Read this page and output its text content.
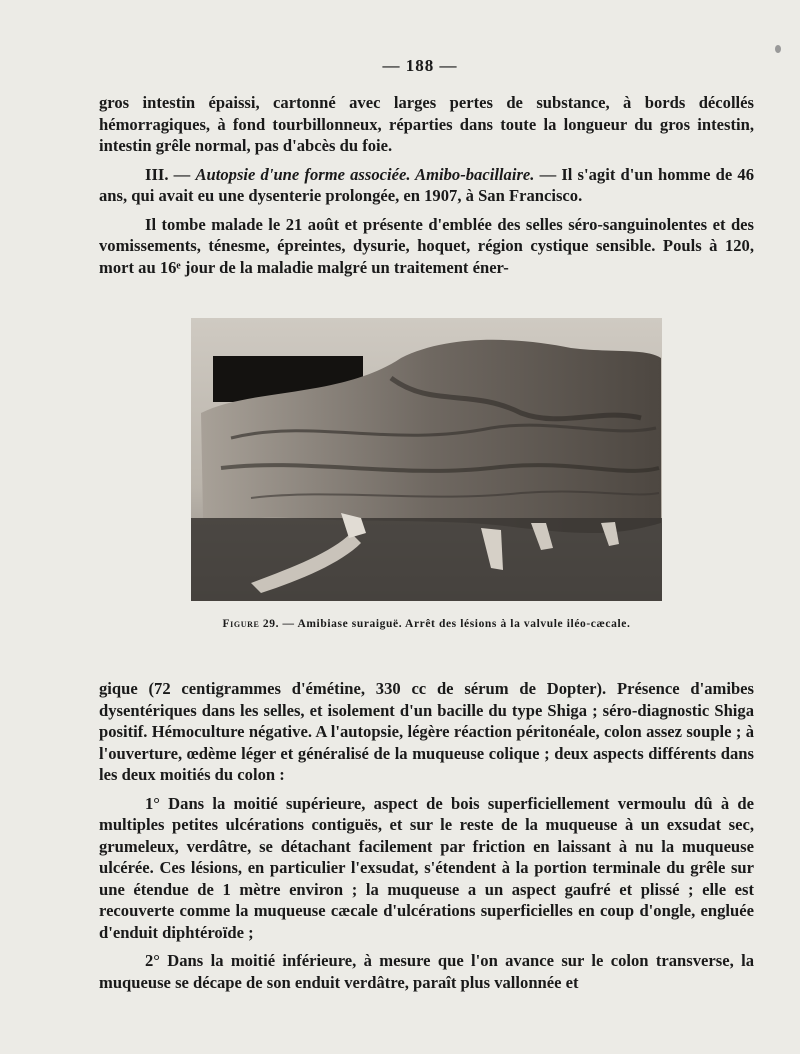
— 188 —

gros intestin épaissi, cartonné avec larges pertes de substance, à bords décollés hémorragiques, à fond tourbillonneux, réparties dans toute la longueur du gros intestin, intestin grêle normal, pas d'abcès du foie.

III. — Autopsie d'une forme associée. Amibo-bacillaire. — Il s'agit d'un homme de 46 ans, qui avait eu une dysenterie prolongée, en 1907, à San Francisco.

Il tombe malade le 21 août et présente d'emblée des selles séro-sanguinolentes et des vomissements, ténesme, épreintes, dysurie, hoquet, région cystique sensible. Pouls à 120, mort au 16ᵉ jour de la maladie malgré un traitement éner-

Figure 29. — Amibiase suraiguë. Arrêt des lésions à la valvule iléo-cæcale.

gique (72 centigrammes d'émétine, 330 cc de sérum de Dopter). Présence d'amibes dysentériques dans les selles, et isolement d'un bacille du type Shiga ; séro-diagnostic Shiga positif. Hémoculture négative. A l'autopsie, légère réaction péritonéale, colon assez souple ; à l'ouverture, œdème léger et généralisé de la muqueuse colique ; deux aspects différents dans les deux moitiés du colon :

1° Dans la moitié supérieure, aspect de bois superficiellement vermoulu dû à de multiples petites ulcérations contiguës, et sur le reste de la muqueuse à un exsudat sec, grumeleux, verdâtre, se détachant facilement par friction en laissant à nu la muqueuse ulcérée. Ces lésions, en particulier l'exsudat, s'étendent à la portion terminale du grêle sur une étendue de 1 mètre environ ; la muqueuse a un aspect gaufré et plissé ; elle est recouverte comme la muqueuse cæcale d'ulcérations superficielles en coup d'ongle, engluée d'enduit diphtéroïde ;

2° Dans la moitié inférieure, à mesure que l'on avance sur le colon transverse, la muqueuse se décape de son enduit verdâtre, paraît plus vallonnée et
